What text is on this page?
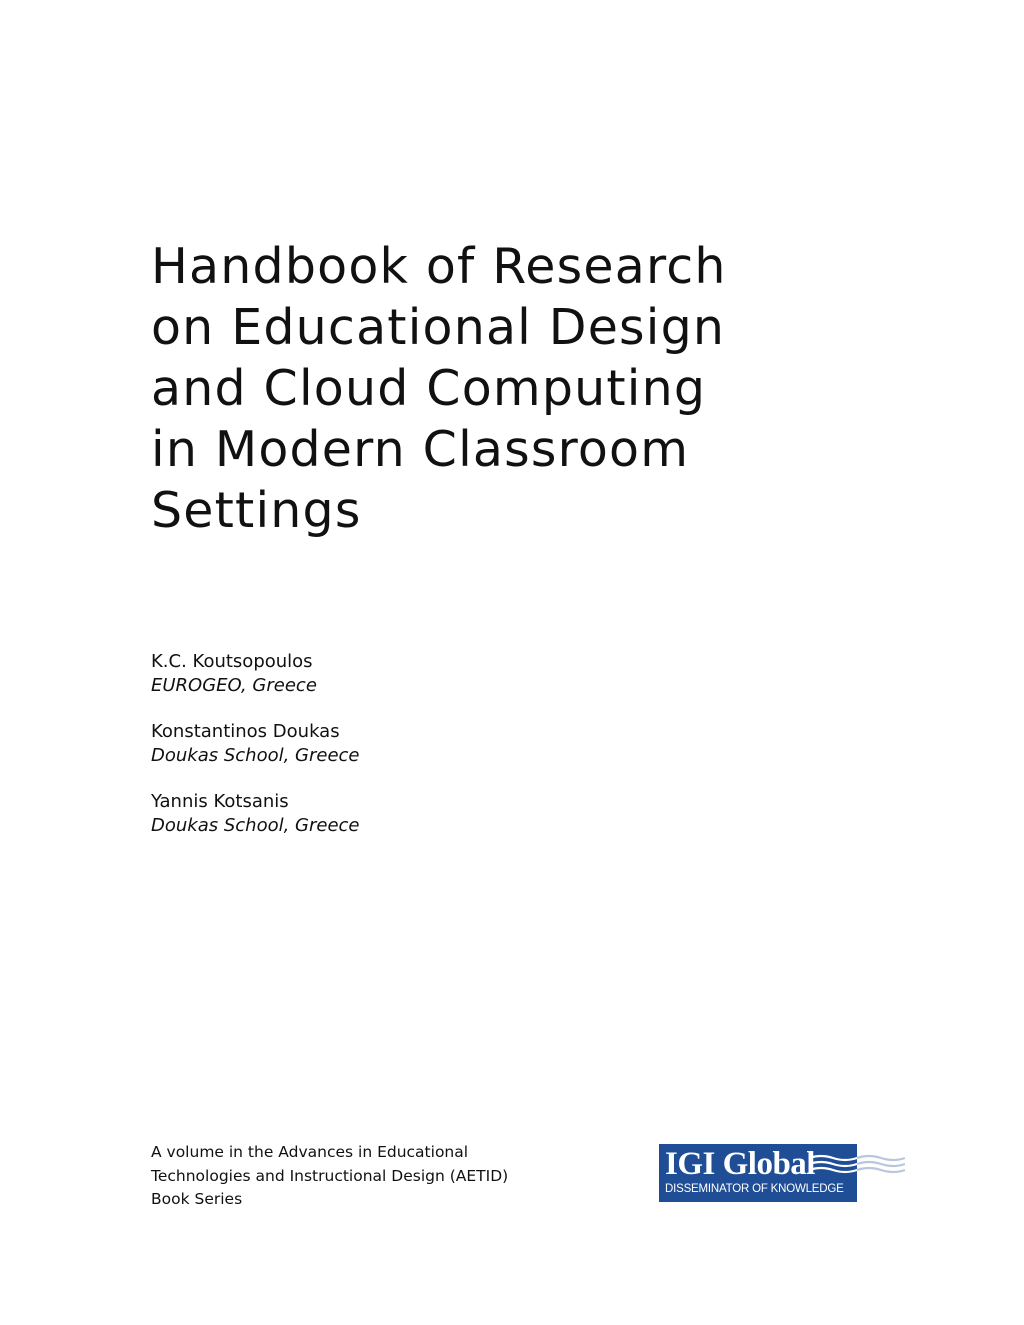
Handbook of Research
on Educational Design
and Cloud Computing
in Modern Classroom
Settings
K.C. Koutsopoulos
EUROGEO, Greece
Konstantinos Doukas
Doukas School, Greece
Yannis Kotsanis
Doukas School, Greece
A volume in the Advances in Educational
Technologies and Instructional Design (AETID)
Book Series
IGI Global
DISSEMINATOR OF KNOWLEDGE
